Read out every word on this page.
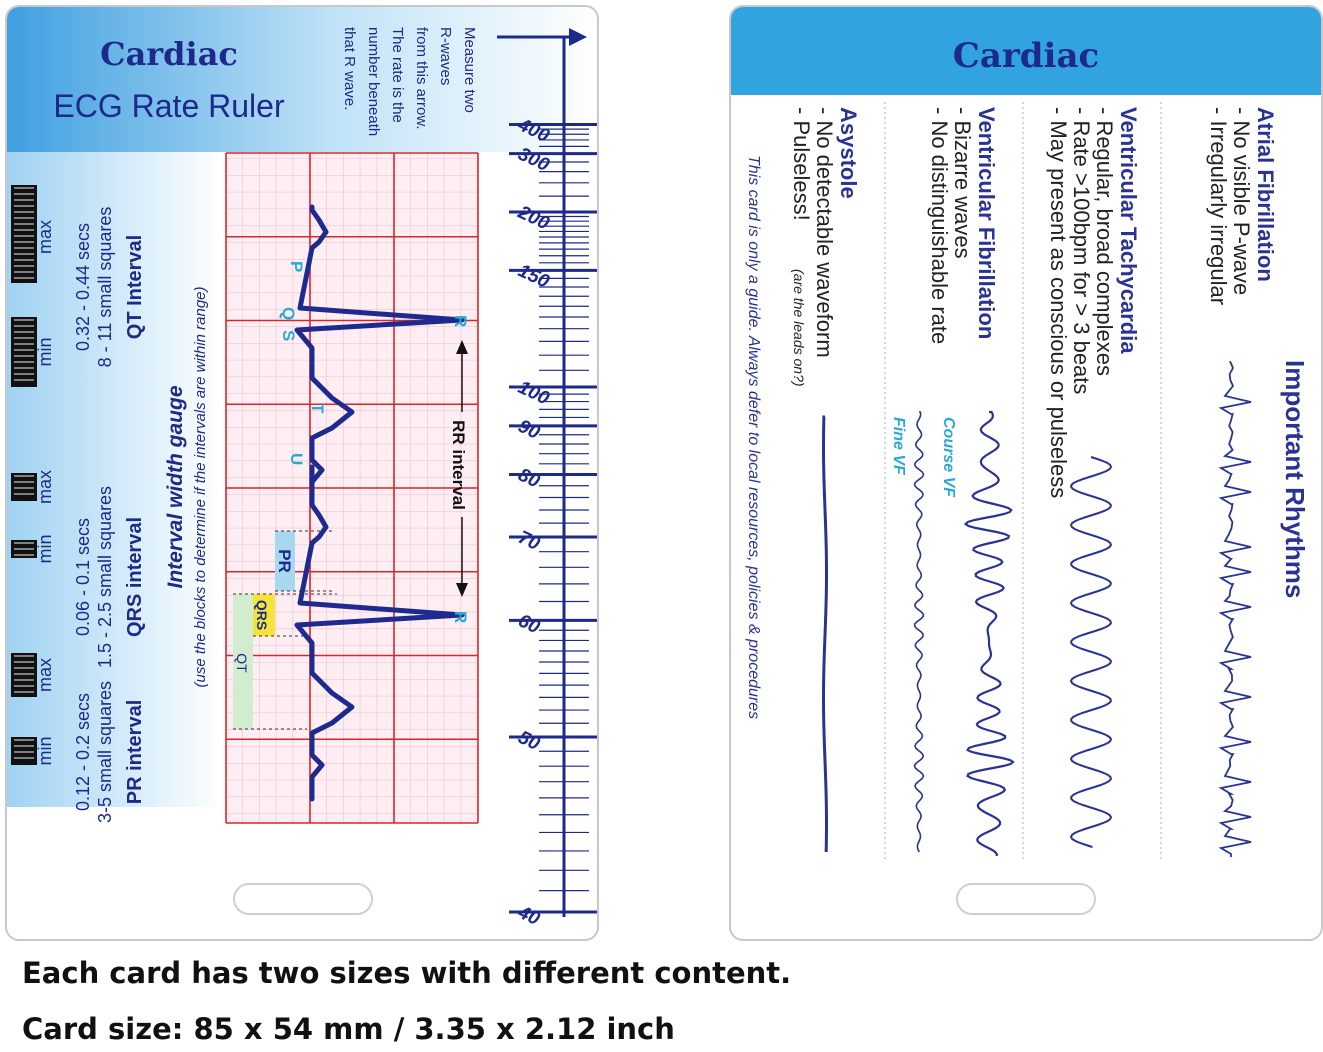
Cardiac
ECG Rate Ruler	Measure two
R-waves
from this arrow.
The rate is the
number beneath
that R wave.
PR
QRS
QT
P
Q
S
T
U
R
R
RR interval
400
300
200
150
100
90
80
70
60
50
40
Interval width gauge (use the blocks to determine if the intervals are within range)
QT Interval
0.32 - 0.44 secs 8 - 11 small squares
QRS interval
0.06 - 0.1 secs 1.5 - 2.5 small squares
PR interval
0.12 - 0.2 secs 3-5 small squares
max
min
max
min
max
min
Cardiac
Important Rhythms
Atrial Fibrillation
- No visible P-wave
- Irregularly irregular
Ventricular Tachycardia
- Regular, broad complexes
- Rate >100bpm for > 3 beats
- May present as conscious or pulseless
Ventricular Fibrillation
- Bizarre waves
- No distinguishable rate
Asystole
- No detectable waveform
- Pulseless!
(are the leads on?)
Course VF
Fine VF
This card is only a guide. Always defer to local resources, policies & procedures
Each card has two sizes with different content.
Card size: 85 x 54 mm / 3.35 x 2.12 inch
